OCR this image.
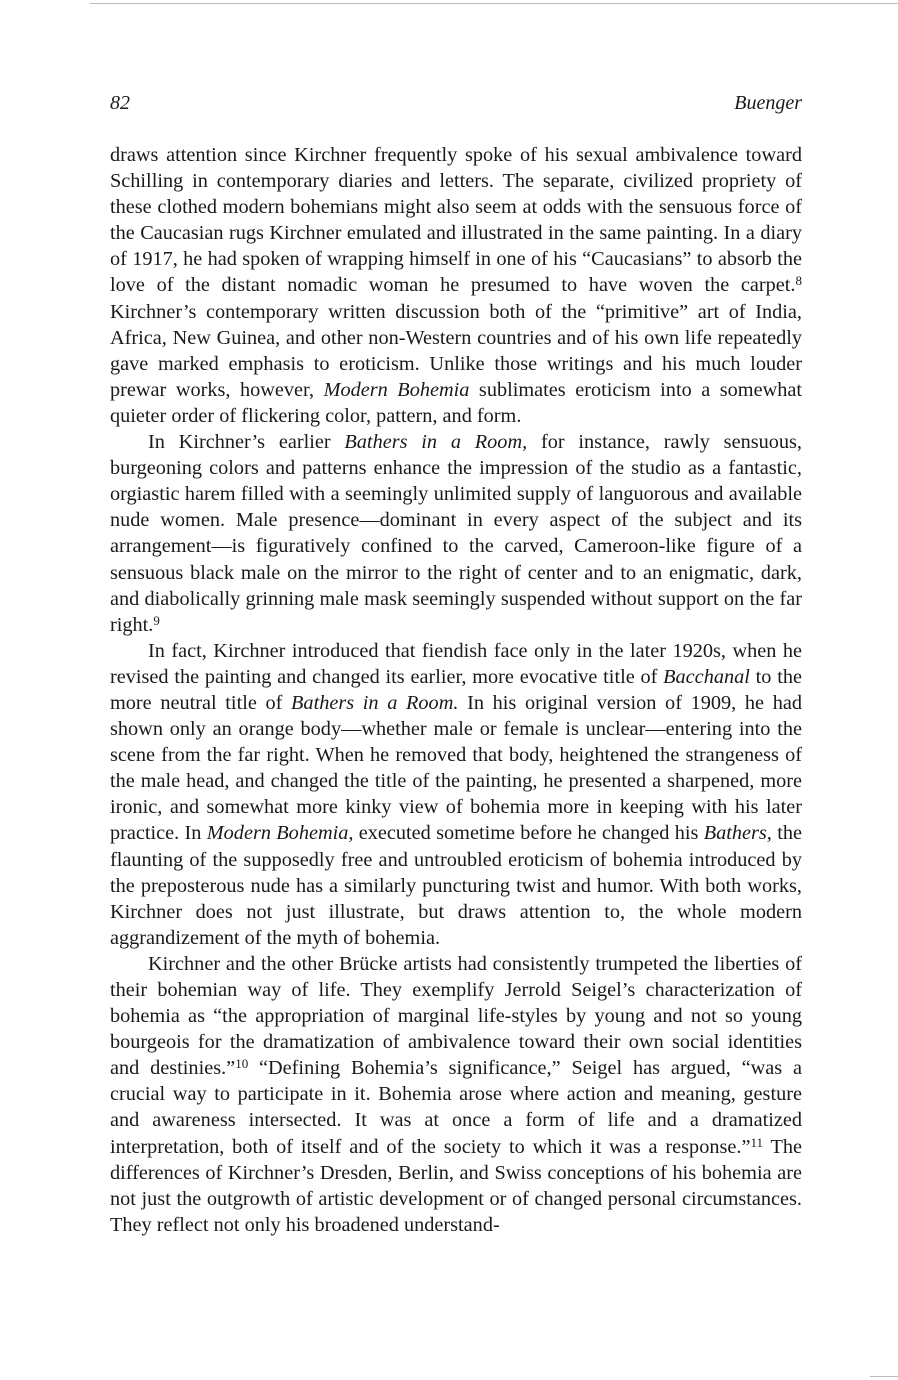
82	Buenger

draws attention since Kirchner frequently spoke of his sexual ambivalence toward Schilling in contemporary diaries and letters. The separate, civilized propriety of these clothed modern bohemians might also seem at odds with the sensuous force of the Caucasian rugs Kirchner emulated and illustrated in the same painting. In a diary of 1917, he had spoken of wrapping himself in one of his “Caucasians” to absorb the love of the distant nomadic woman he presumed to have woven the carpet.$^8$ Kirchner’s contemporary written discussion both of the “primitive” art of India, Africa, New Guinea, and other non-Western countries and of his own life repeatedly gave marked emphasis to eroticism. Unlike those writings and his much louder prewar works, however, Modern Bohemia sublimates eroticism into a somewhat quieter order of flickering color, pattern, and form.

In Kirchner’s earlier Bathers in a Room, for instance, rawly sensuous, burgeoning colors and patterns enhance the impression of the studio as a fantastic, orgiastic harem filled with a seemingly unlimited supply of languorous and available nude women. Male presence—dominant in every aspect of the subject and its arrangement—is figuratively confined to the carved, Cameroon-like figure of a sensuous black male on the mirror to the right of center and to an enigmatic, dark, and diabolically grinning male mask seemingly suspended without support on the far right.$^9$

In fact, Kirchner introduced that fiendish face only in the later 1920s, when he revised the painting and changed its earlier, more evocative title of Bacchanal to the more neutral title of Bathers in a Room. In his original version of 1909, he had shown only an orange body—whether male or female is unclear—entering into the scene from the far right. When he removed that body, heightened the strangeness of the male head, and changed the title of the painting, he presented a sharpened, more ironic, and somewhat more kinky view of bohemia more in keeping with his later practice. In Modern Bohemia, executed sometime before he changed his Bathers, the flaunting of the supposedly free and untroubled eroticism of bohemia introduced by the preposterous nude has a similarly puncturing twist and humor. With both works, Kirchner does not just illustrate, but draws attention to, the whole modern aggrandizement of the myth of bohemia.

Kirchner and the other Brücke artists had consistently trumpeted the liberties of their bohemian way of life. They exemplify Jerrold Seigel’s characterization of bohemia as “the appropriation of marginal life-styles by young and not so young bourgeois for the dramatization of ambivalence toward their own social identities and destinies.”$^{10}$ “Defining Bohemia’s significance,” Seigel has argued, “was a crucial way to participate in it. Bohemia arose where action and meaning, gesture and awareness intersected. It was at once a form of life and a dramatized interpretation, both of itself and of the society to which it was a response.”$^{11}$ The differences of Kirchner’s Dresden, Berlin, and Swiss conceptions of his bohemia are not just the outgrowth of artistic development or of changed personal circumstances. They reflect not only his broadened understand-
